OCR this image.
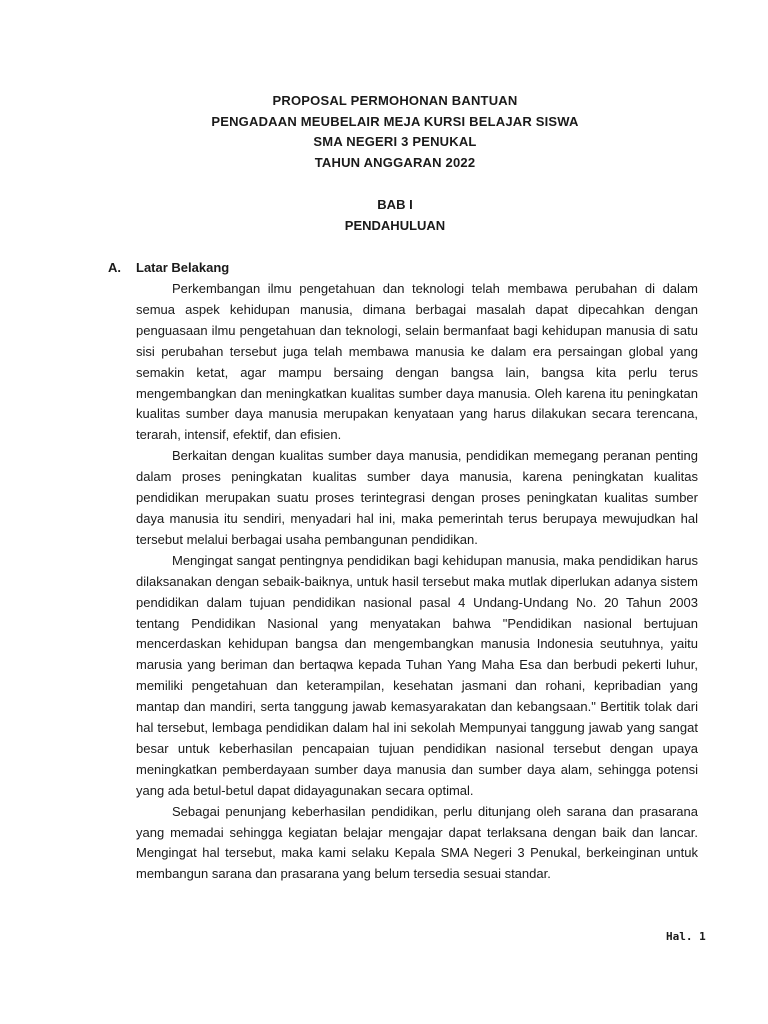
PROPOSAL PERMOHONAN BANTUAN
PENGADAAN MEUBELAIR MEJA KURSI BELAJAR SISWA
SMA NEGERI 3 PENUKAL
TAHUN ANGGARAN 2022
BAB I
PENDAHULUAN
A. Latar Belakang

Perkembangan ilmu pengetahuan dan teknologi telah membawa perubahan di dalam semua aspek kehidupan manusia, dimana berbagai masalah dapat dipecahkan dengan penguasaan ilmu pengetahuan dan teknologi, selain bermanfaat bagi kehidupan manusia di satu sisi perubahan tersebut juga telah membawa manusia ke dalam era persaingan global yang semakin ketat, agar mampu bersaing dengan bangsa lain, bangsa kita perlu terus mengembangkan dan meningkatkan kualitas sumber daya manusia. Oleh karena itu peningkatan kualitas sumber daya manusia merupakan kenyataan yang harus dilakukan secara terencana, terarah, intensif, efektif, dan efisien.

Berkaitan dengan kualitas sumber daya manusia, pendidikan memegang peranan penting dalam proses peningkatan kualitas sumber daya manusia, karena peningkatan kualitas pendidikan merupakan suatu proses terintegrasi dengan proses peningkatan kualitas sumber daya manusia itu sendiri, menyadari hal ini, maka pemerintah terus berupaya mewujudkan hal tersebut melalui berbagai usaha pembangunan pendidikan.

Mengingat sangat pentingnya pendidikan bagi kehidupan manusia, maka pendidikan harus dilaksanakan dengan sebaik-baiknya, untuk hasil tersebut maka mutlak diperlukan adanya sistem pendidikan dalam tujuan pendidikan nasional pasal 4 Undang-Undang No. 20 Tahun 2003 tentang Pendidikan Nasional yang menyatakan bahwa "Pendidikan nasional bertujuan mencerdaskan kehidupan bangsa dan mengembangkan manusia Indonesia seutuhnya, yaitu marusia yang beriman dan bertaqwa kepada Tuhan Yang Maha Esa dan berbudi pekerti luhur, memiliki pengetahuan dan keterampilan, kesehatan jasmani dan rohani, kepribadian yang mantap dan mandiri, serta tanggung jawab kemasyarakatan dan kebangsaan." Bertitik tolak dari hal tersebut, lembaga pendidikan dalam hal ini sekolah Mempunyai tanggung jawab yang sangat besar untuk keberhasilan pencapaian tujuan pendidikan nasional tersebut dengan upaya meningkatkan pemberdayaan sumber daya manusia dan sumber daya alam, sehingga potensi yang ada betul-betul dapat didayagunakan secara optimal.

Sebagai penunjang keberhasilan pendidikan, perlu ditunjang oleh sarana dan prasarana yang memadai sehingga kegiatan belajar mengajar dapat terlaksana dengan baik dan lancar. Mengingat hal tersebut, maka kami selaku Kepala SMA Negeri 3 Penukal, berkeinginan untuk membangun sarana dan prasarana yang belum tersedia sesuai standar.

Hal. 1
